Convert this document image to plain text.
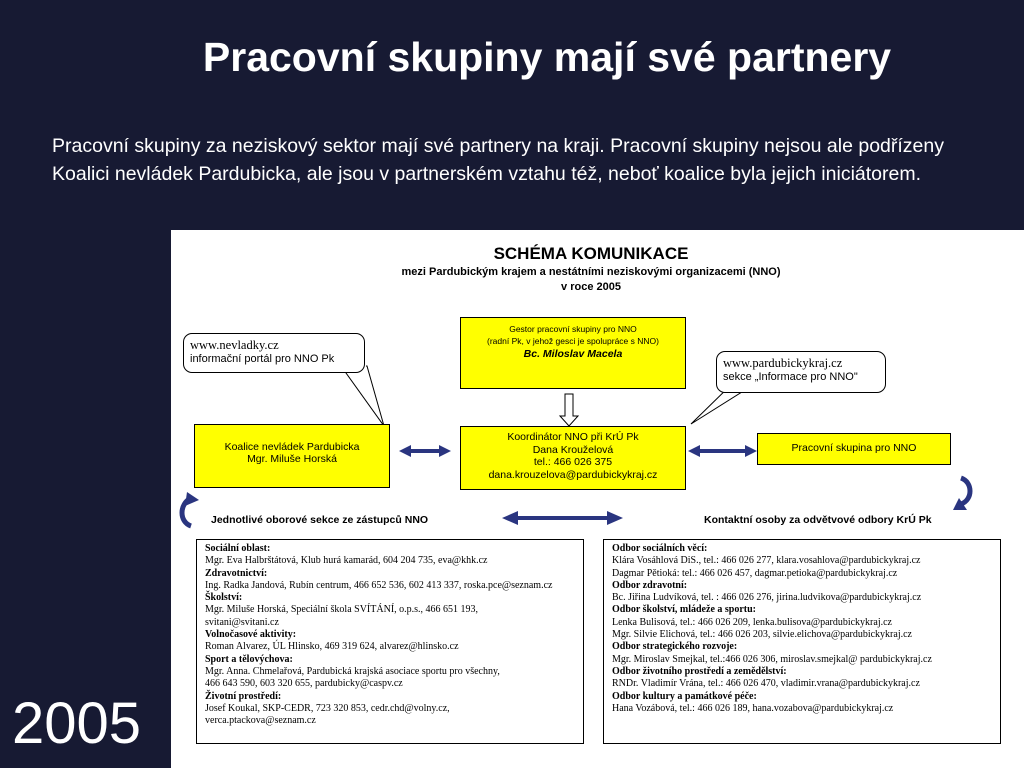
Pracovní skupiny mají své partnery
Pracovní skupiny za neziskový sektor mají své partnery na kraji. Pracovní skupiny nejsou ale podřízeny Koalici nevládek Pardubicka, ale jsou v partnerském vztahu též, neboť koalice byla jejich iniciátorem.
2005
SCHÉMA KOMUNIKACE
mezi Pardubickým krajem a nestátními neziskovými organizacemi (NNO)
v roce 2005
Gestor pracovní skupiny pro NNO
(radní Pk, v jehož gesci je spolupráce s NNO)
Bc. Miloslav Macela
www.nevladky.cz
informační portál pro NNO Pk	www.pardubickykraj.cz
sekce „Informace pro NNO"
Koalice nevládek Pardubicka
Mgr. Miluše Horská
Koordinátor NNO při KrÚ Pk
Dana Krouželová
tel.: 466 026 375
dana.krouzelova@pardubickykraj.cz
Pracovní skupina pro NNO
Jednotlivé oborové sekce ze zástupců NNO	Kontaktní osoby za odvětvové odbory KrÚ Pk
Sociální oblast:
Mgr. Eva Halbrštátová, Klub hurá kamarád, 604 204 735, eva@khk.cz
Zdravotnictví:
Ing. Radka Jandová, Rubín centrum, 466 652 536, 602 413 337, roska.pce@seznam.cz
Školství:
Mgr. Miluše Horská, Speciální škola SVÍTÁNÍ, o.p.s., 466 651 193,
svitani@svitani.cz
Volnočasové aktivity:
Roman Alvarez, ÚL Hlinsko, 469 319 624, alvarez@hlinsko.cz
Sport a tělovýchova:
Mgr. Anna. Chmelařová, Pardubická krajská asociace sportu pro všechny,
466 643 590, 603 320 655, pardubicky@caspv.cz
Životní prostředí:
Josef Koukal, SKP-CEDR, 723 320 853, cedr.chd@volny.cz,
verca.ptackova@seznam.cz
Odbor sociálních věcí:
Klára Vosáhlová DiS., tel.: 466 026 277, klara.vosahlova@pardubickykraj.cz
Dagmar Pětioká: tel.: 466 026 457, dagmar.petioka@pardubickykraj.cz
Odbor zdravotní:
Bc. Jiřina Ludvíková, tel. : 466 026 276, jirina.ludvikova@pardubickykraj.cz
Odbor školství, mládeže a sportu:
Lenka Bulisová, tel.: 466 026 209, lenka.bulisova@pardubickykraj.cz
Mgr. Silvie Elichová, tel.: 466 026 203, silvie.elichova@pardubickykraj.cz
Odbor strategického rozvoje:
Mgr. Miroslav Smejkal, tel.:466 026 306, miroslav.smejkal@ pardubickykraj.cz
Odbor životního prostředí a zemědělství:
RNDr. Vladimír Vrána, tel.: 466 026 470, vladimir.vrana@pardubickykraj.cz
Odbor kultury a památkové péče:
Hana Vozábová, tel.: 466 026 189, hana.vozabova@pardubickykraj.cz
